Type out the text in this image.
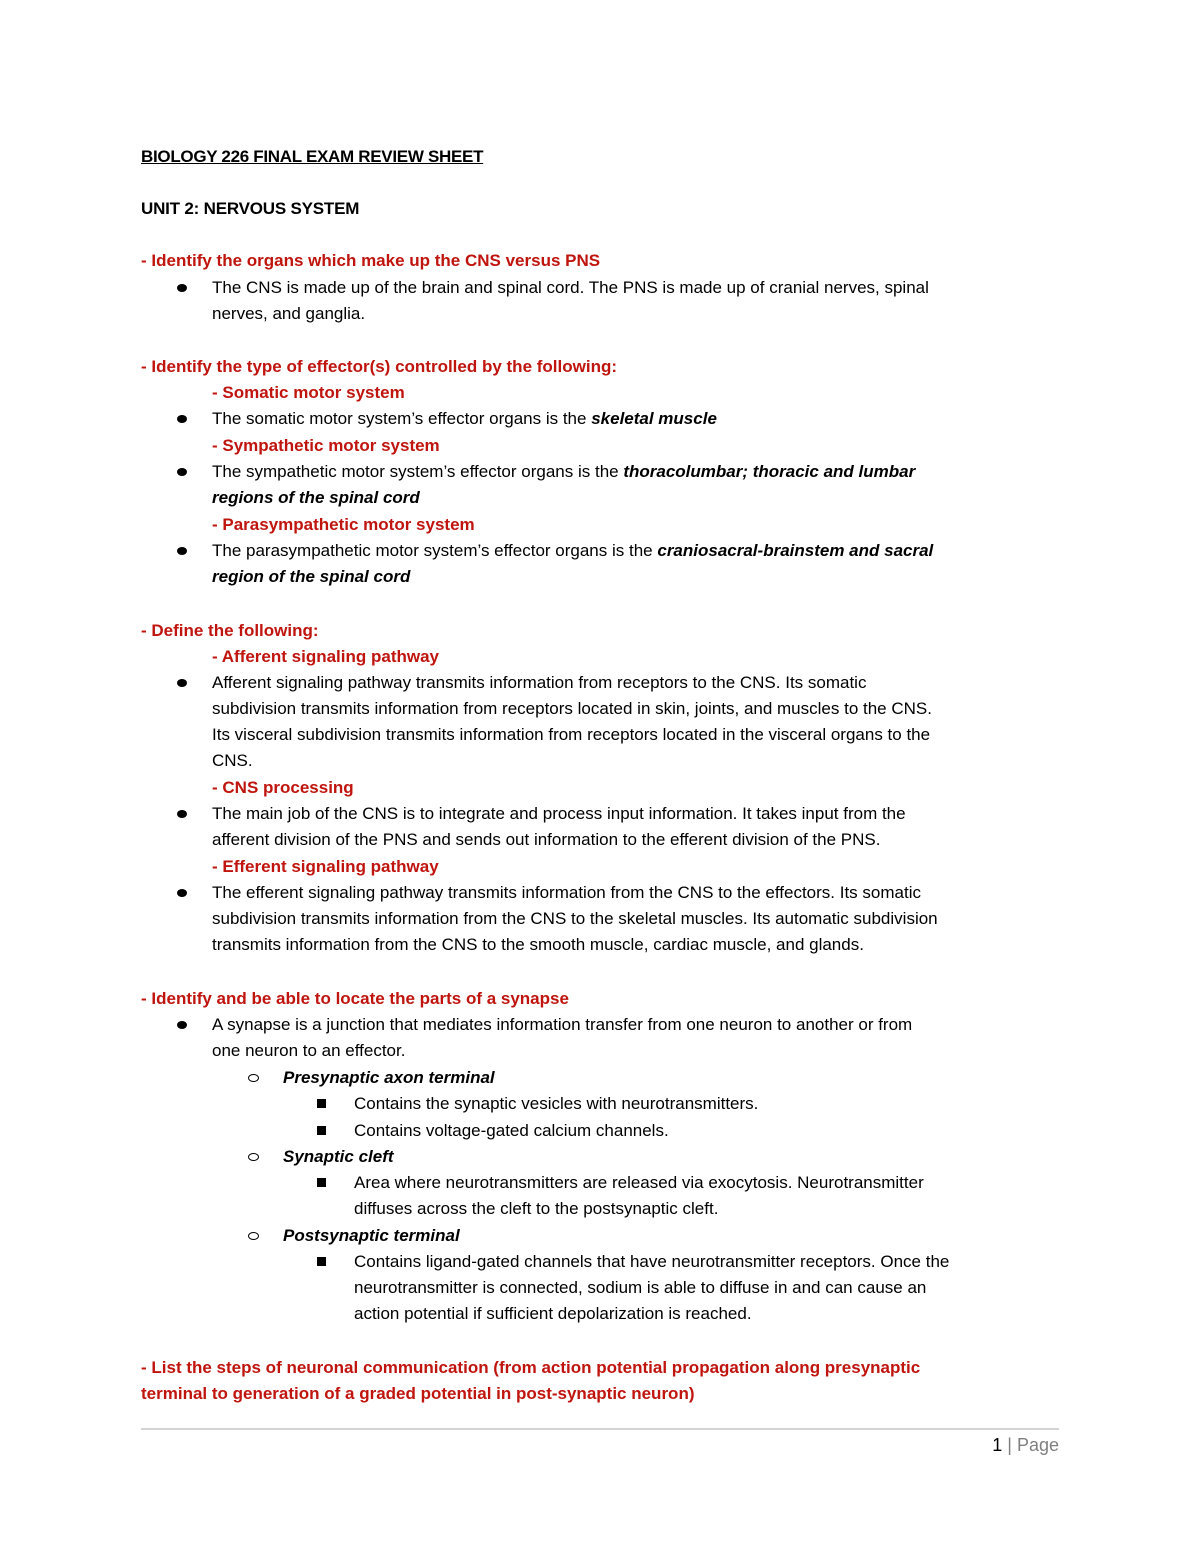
BIOLOGY 226 FINAL EXAM REVIEW SHEET
UNIT 2: NERVOUS SYSTEM
- Identify the organs which make up the CNS versus PNS
The CNS is made up of the brain and spinal cord. The PNS is made up of cranial nerves, spinal
nerves, and ganglia.
- Identify the type of effector(s) controlled by the following:
- Somatic motor system
The somatic motor system’s effector organs is the skeletal muscle
- Sympathetic motor system
The sympathetic motor system’s effector organs is the thoracolumbar; thoracic and lumbar
regions of the spinal cord
- Parasympathetic motor system
The parasympathetic motor system’s effector organs is the craniosacral-brainstem and sacral
region of the spinal cord
- Define the following:
- Afferent signaling pathway
Afferent signaling pathway transmits information from receptors to the CNS. Its somatic
subdivision transmits information from receptors located in skin, joints, and muscles to the CNS.
Its visceral subdivision transmits information from receptors located in the visceral organs to the
CNS.
- CNS processing
The main job of the CNS is to integrate and process input information. It takes input from the
afferent division of the PNS and sends out information to the efferent division of the PNS.
- Efferent signaling pathway
The efferent signaling pathway transmits information from the CNS to the effectors. Its somatic
subdivision transmits information from the CNS to the skeletal muscles. Its automatic subdivision
transmits information from the CNS to the smooth muscle, cardiac muscle, and glands.
- Identify and be able to locate the parts of a synapse
A synapse is a junction that mediates information transfer from one neuron to another or from
one neuron to an effector.
Presynaptic axon terminal
Contains the synaptic vesicles with neurotransmitters.
Contains voltage-gated calcium channels.
Synaptic cleft
Area where neurotransmitters are released via exocytosis. Neurotransmitter
diffuses across the cleft to the postsynaptic cleft.
Postsynaptic terminal
Contains ligand-gated channels that have neurotransmitter receptors. Once the
neurotransmitter is connected, sodium is able to diffuse in and can cause an
action potential if sufficient depolarization is reached.
- List the steps of neuronal communication (from action potential propagation along presynaptic
terminal to generation of a graded potential in post-synaptic neuron)
1 | Page
